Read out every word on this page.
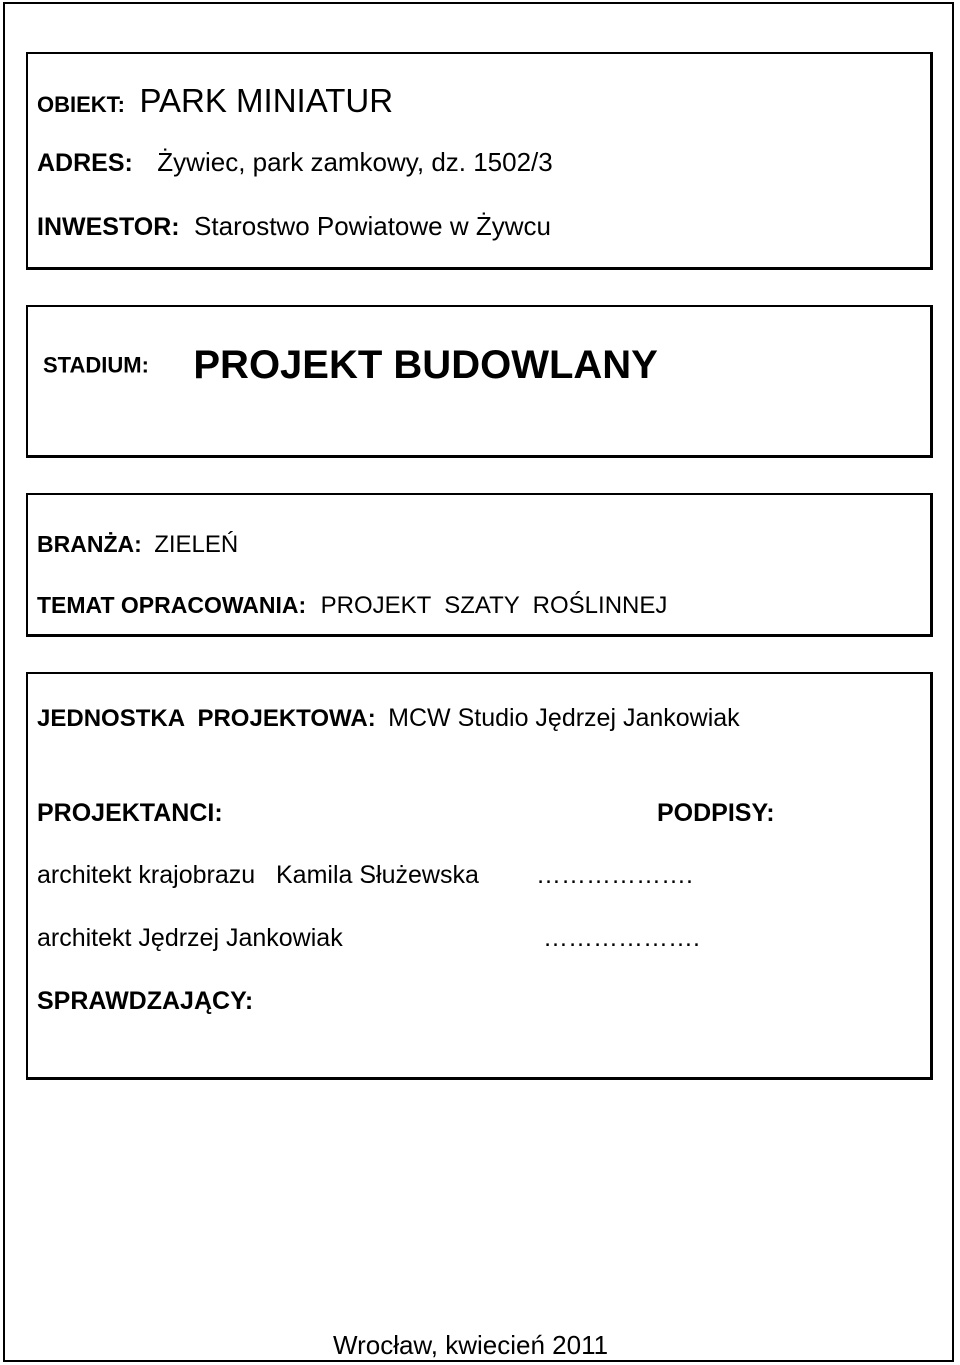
OBIEKT: PARK MINIATUR
ADRES: Żywiec, park zamkowy, dz. 1502/3
INWESTOR: Starostwo Powiatowe w Żywcu
STADIUM: PROJEKT BUDOWLANY
BRANŻA: ZIELEŃ
TEMAT OPRACOWANIA: PROJEKT  SZATY  ROŚLINNEJ
JEDNOSTKA  PROJEKTOWA: MCW Studio Jędrzej Jankowiak
PROJEKTANCI:	PODPISY:
architekt krajobrazu   Kamila Służewska ……………….
architekt Jędrzej Jankowiak	……………….
SPRAWDZAJĄCY:
Wrocław, kwiecień 2011
